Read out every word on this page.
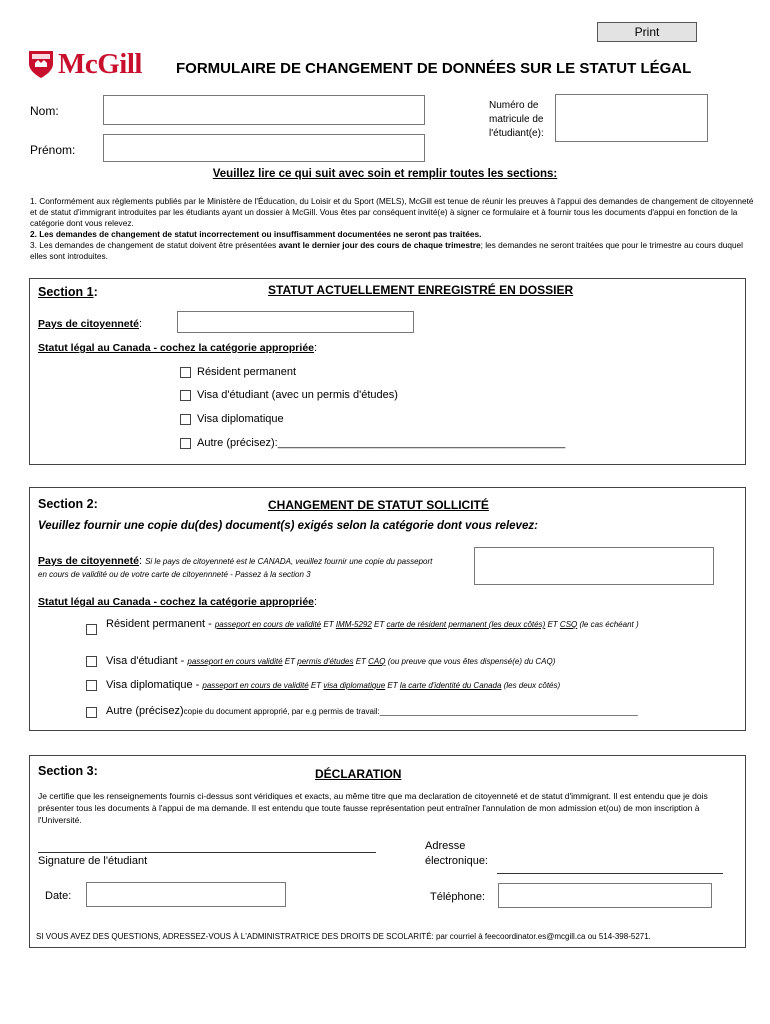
Print
McGill FORMULAIRE DE CHANGEMENT DE DONNÉES SUR LE STATUT LÉGAL
Nom:
Prénom:
Numéro de
matricule de
l'étudiant(e):
Veuillez lire ce qui suit avec soin et remplir toutes les sections:

1. Conformément aux règlements publiés par le Ministère de l'Éducation, du Loisir et du Sport (MELS), McGill est tenue de réunir les preuves à l'appui des demandes de changement de citoyenneté et de statut d'immigrant introduites par les étudiants ayant un dossier à McGill. Vous êtes par conséquent invité(e) à signer ce formulaire et à fournir tous les documents d'appui en fonction de la catégorie dont vous relevez.

2. Les demandes de changement de statut incorrectement ou insuffisamment documentées ne seront pas traitées.

3. Les demandes de changement de statut doivent être présentées avant le dernier jour des cours de chaque trimestre; les demandes ne seront traitées que pour le trimestre au cours duquel elles sont introduites.

Section 1:	STATUT ACTUELLEMENT ENREGISTRÉ EN DOSSIER
Pays de citoyenneté:
Statut légal au Canada - cochez la catégorie appropriée:
Résident permanent
Visa d'étudiant (avec un permis d'études)
Visa diplomatique
Autre (précisez):_______________________________________________
Section 2:	CHANGEMENT DE STATUT SOLLICITÉ
Veuillez fournir une copie du(des) document(s) exigés selon la catégorie dont vous relevez:
Pays de citoyenneté: Si le pays de citoyenneté est le CANADA, veuillez fournir une copie du passeport
en cours de validité ou de votre carte de citoyennneté - Passez à la section 3
Statut légal au Canada - cochez la catégorie appropriée:
Résident permanent - passeport en cours de validité ET IMM-5292 ET carte de résident permanent (les deux côtés) ET CSQ (le cas échéant )
Visa d'étudiant - passeport en cours validité ET permis d'études ET CAQ (ou preuve que vous êtes dispensé(e) du CAQ)
Visa diplomatique - passeport en cours de validité ET visa diplomatique ET la carte d'identité du Canada (les deux côtés)
Autre (précisez)copie du document approprié, par e.g permis de travail:__________________________________________________________
Section 3:	DÉCLARATION
Je certifie que les renseignements fournis ci-dessus sont véridiques et exacts, au même titre que ma declaration de citoyenneté et de statut d'immigrant. Il est entendu que je dois présenter tous les documents à l'appui de ma demande. Il est entendu que toute fausse représentation peut entraîner l'annulation de mon admission et(ou) de mon inscription à l'Université.
Signature de l'étudiant
Adresse
électronique:
Date:	Téléphone:
SI VOUS AVEZ DES QUESTIONS, ADRESSEZ-VOUS À L'ADMINISTRATRICE DES DROITS DE SCOLARITÉ: par courriel à feecoordinator.es@mcgill.ca ou 514-398-5271.
